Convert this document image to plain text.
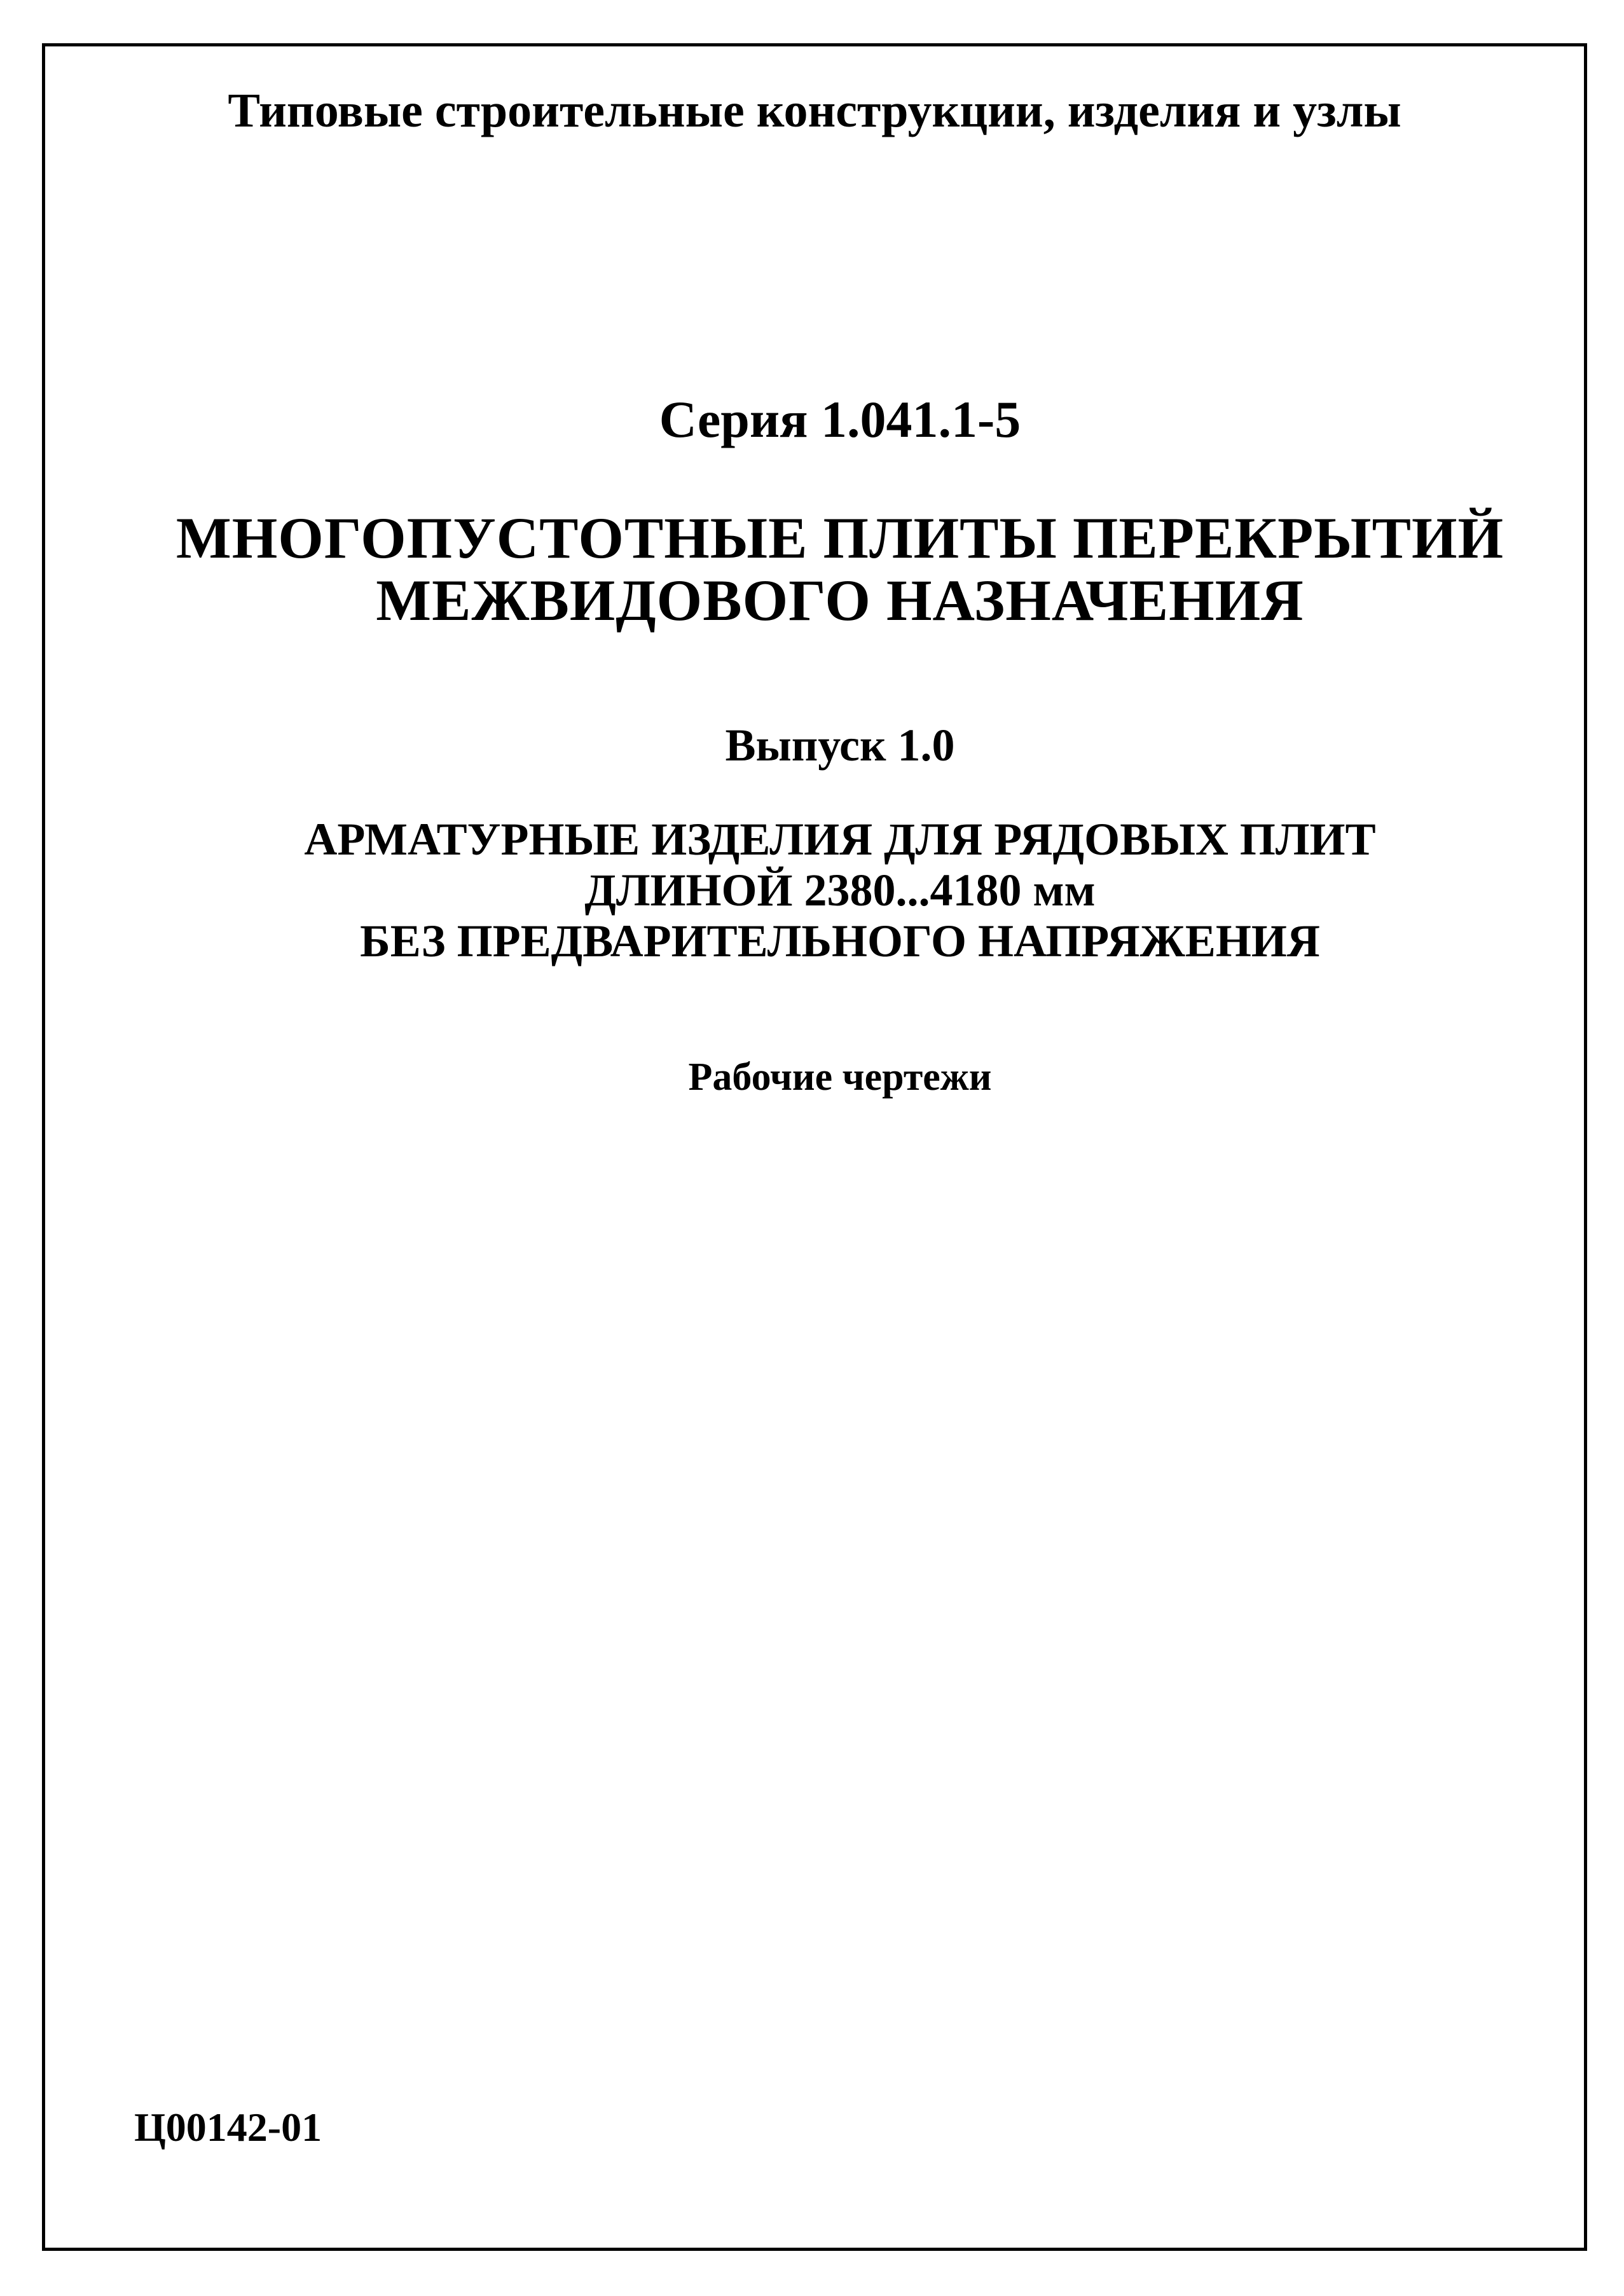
Типовые строительные конструкции, изделия и узлы
Серия 1.041.1-5
МНОГОПУСТОТНЫЕ ПЛИТЫ ПЕРЕКРЫТИЙ
МЕЖВИДОВОГО НАЗНАЧЕНИЯ
Выпуск 1.0
АРМАТУРНЫЕ ИЗДЕЛИЯ ДЛЯ РЯДОВЫХ ПЛИТ
ДЛИНОЙ 2380...4180 мм
БЕЗ ПРЕДВАРИТЕЛЬНОГО НАПРЯЖЕНИЯ
Рабочие чертежи
Ц00142-01
